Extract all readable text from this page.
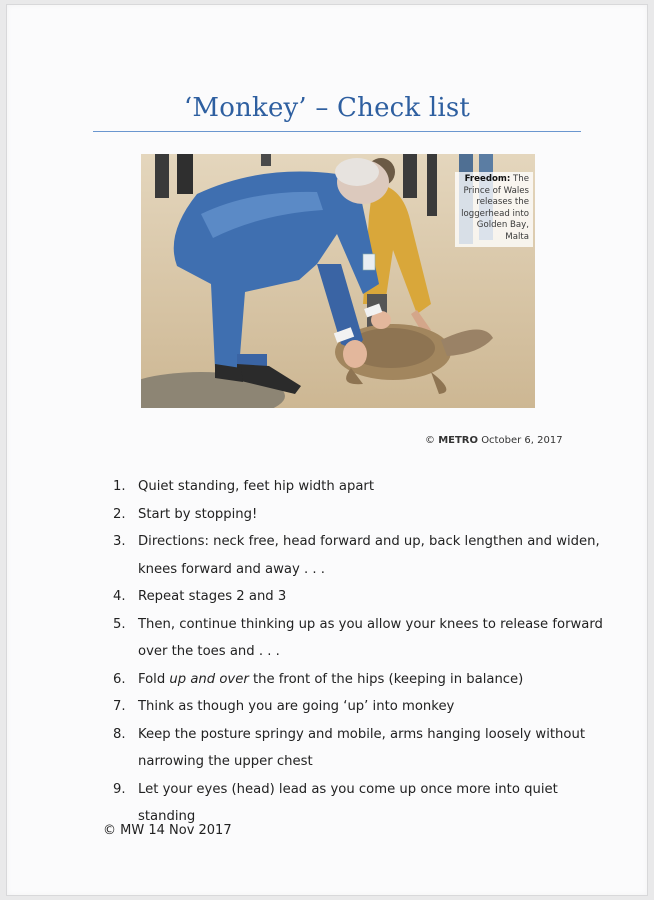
‘Monkey’ – Check list
Freedom: The Prince of Wales releases the loggerhead into Golden Bay, Malta
© METRO October 6, 2017
1. Quiet standing, feet hip width apart
2. Start by stopping!
3. Directions: neck free, head forward and up, back lengthen and widen, knees forward and away . . .
4. Repeat stages 2 and 3
5. Then, continue thinking up as you allow your knees to release forward over the toes and . . .
6. Fold up and over the front of the hips (keeping in balance)
7. Think as though you are going ‘up’ into monkey
8. Keep the posture springy and mobile, arms hanging loosely without narrowing the upper chest
9. Let your eyes (head) lead as you come up once more into quiet standing
© MW 14 Nov 2017
